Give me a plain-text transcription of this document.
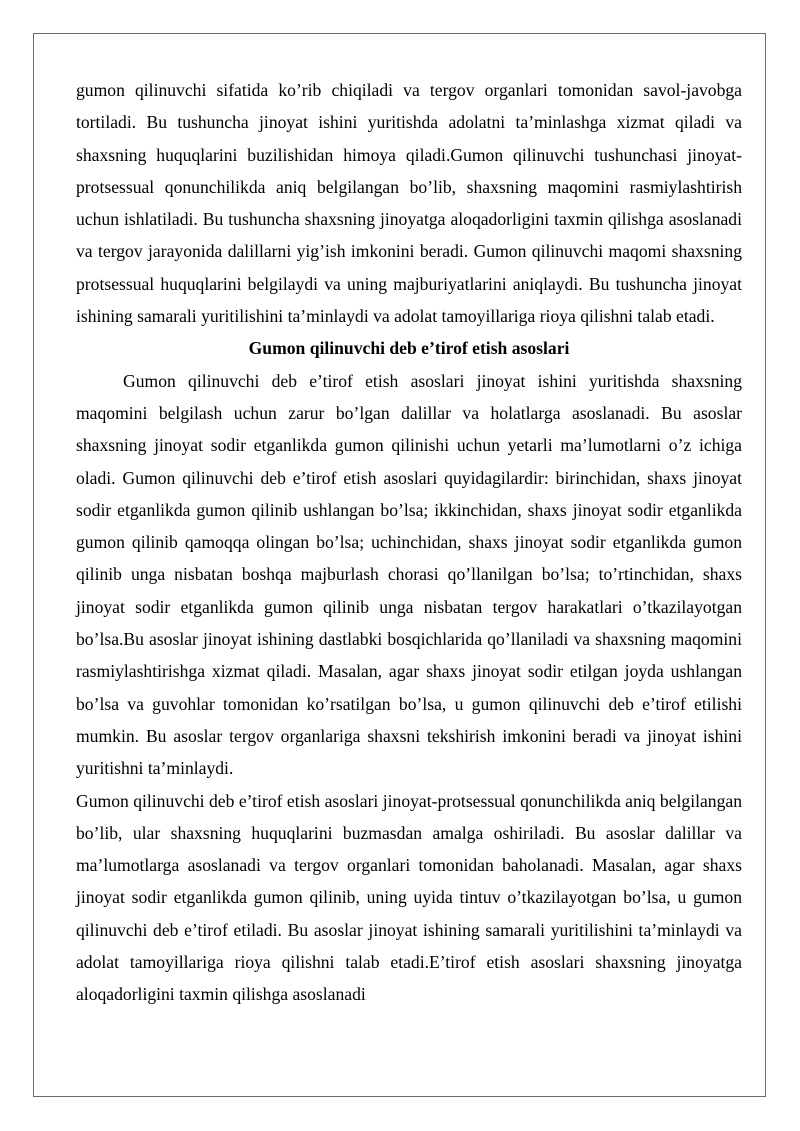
gumon qilinuvchi sifatida ko’rib chiqiladi va tergov organlari tomonidan savol-javobga tortiladi. Bu tushuncha jinoyat ishini yuritishda adolatni ta’minlashga xizmat qiladi va shaxsning huquqlarini buzilishidan himoya qiladi.Gumon qilinuvchi tushunchasi jinoyat-protsessual qonunchilikda aniq belgilangan bo’lib, shaxsning maqomini rasmiylashtirish uchun ishlatiladi. Bu tushuncha shaxsning jinoyatga aloqadorligini taxmin qilishga asoslanadi va tergov jarayonida dalillarni yig’ish imkonini beradi. Gumon qilinuvchi maqomi shaxsning protsessual huquqlarini belgilaydi va uning majburiyatlarini aniqlaydi. Bu tushuncha jinoyat ishining samarali yuritilishini ta’minlaydi va adolat tamoyillariga rioya qilishni talab etadi.

Gumon qilinuvchi deb e’tirof etish asoslari

Gumon qilinuvchi deb e’tirof etish asoslari jinoyat ishini yuritishda shaxsning maqomini belgilash uchun zarur bo’lgan dalillar va holatlarga asoslanadi. Bu asoslar shaxsning jinoyat sodir etganlikda gumon qilinishi uchun yetarli ma’lumotlarni o’z ichiga oladi. Gumon qilinuvchi deb e’tirof etish asoslari quyidagilardir: birinchidan, shaxs jinoyat sodir etganlikda gumon qilinib ushlangan bo’lsa; ikkinchidan, shaxs jinoyat sodir etganlikda gumon qilinib qamoqqa olingan bo’lsa; uchinchidan, shaxs jinoyat sodir etganlikda gumon qilinib unga nisbatan boshqa majburlash chorasi qo’llanilgan bo’lsa; to’rtinchidan, shaxs jinoyat sodir etganlikda gumon qilinib unga nisbatan tergov harakatlari o’tkazilayotgan bo’lsa.Bu asoslar jinoyat ishining dastlabki bosqichlarida qo’llaniladi va shaxsning maqomini rasmiylashtirishga xizmat qiladi. Masalan, agar shaxs jinoyat sodir etilgan joyda ushlangan bo’lsa va guvohlar tomonidan ko’rsatilgan bo’lsa, u gumon qilinuvchi deb e’tirof etilishi mumkin. Bu asoslar tergov organlariga shaxsni tekshirish imkonini beradi va jinoyat ishini yuritishni ta’minlaydi.

Gumon qilinuvchi deb e’tirof etish asoslari jinoyat-protsessual qonunchilikda aniq belgilangan bo’lib, ular shaxsning huquqlarini buzmasdan amalga oshiriladi. Bu asoslar dalillar va ma’lumotlarga asoslanadi va tergov organlari tomonidan baholanadi. Masalan, agar shaxs jinoyat sodir etganlikda gumon qilinib, uning uyida tintuv o’tkazilayotgan bo’lsa, u gumon qilinuvchi deb e’tirof etiladi. Bu asoslar jinoyat ishining samarali yuritilishini ta’minlaydi va adolat tamoyillariga rioya qilishni talab etadi.E’tirof etish asoslari shaxsning jinoyatga aloqadorligini taxmin qilishga asoslanadi
